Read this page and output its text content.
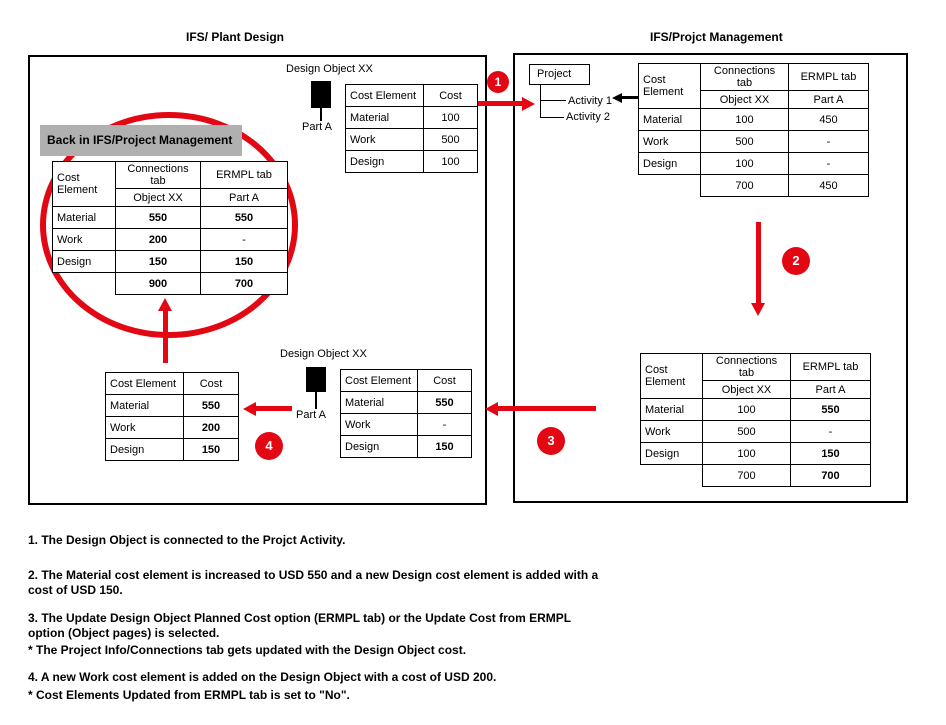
IFS/ Plant Design	IFS/Projct Management
Back in IFS/Project Management
Cost Element	Connections tab	ERMPL tab
	Object XX	Part A
Material	550	550
Work	200	-
Design	150	150
	900	700
Design Object XX
Part A
Cost Element	Cost
Material	100
Work	500
Design	100
Project
Activity 1
Activity 2
Cost Element	Connections tab	ERMPL tab
	Object XX	Part A
Material	100	450
Work	500	-
Design	100	-
	700	450
Cost Element	Connections tab	ERMPL tab
	Object XX	Part A
Material	100	550
Work	500	-
Design	100	150
	700	700
Design Object XX
Part A
Cost Element	Cost
Material	550
Work	200
Design	150
Cost Element	Cost
Material	550
Work	-
Design	150
1
2
3
4
1. The Design Object is connected to the Projct Activity.
2. The Material cost element is increased to USD 550 and a new Design cost element is added with a
cost of USD 150.
3. The Update Design Object Planned Cost option (ERMPL tab) or the Update Cost from ERMPL
option (Object pages) is selected.
* The Project Info/Connections tab gets updated with the Design Object cost.
4. A new Work cost element is added on the Design Object with a cost of USD 200.
* Cost Elements Updated from ERMPL tab is set to "No".
